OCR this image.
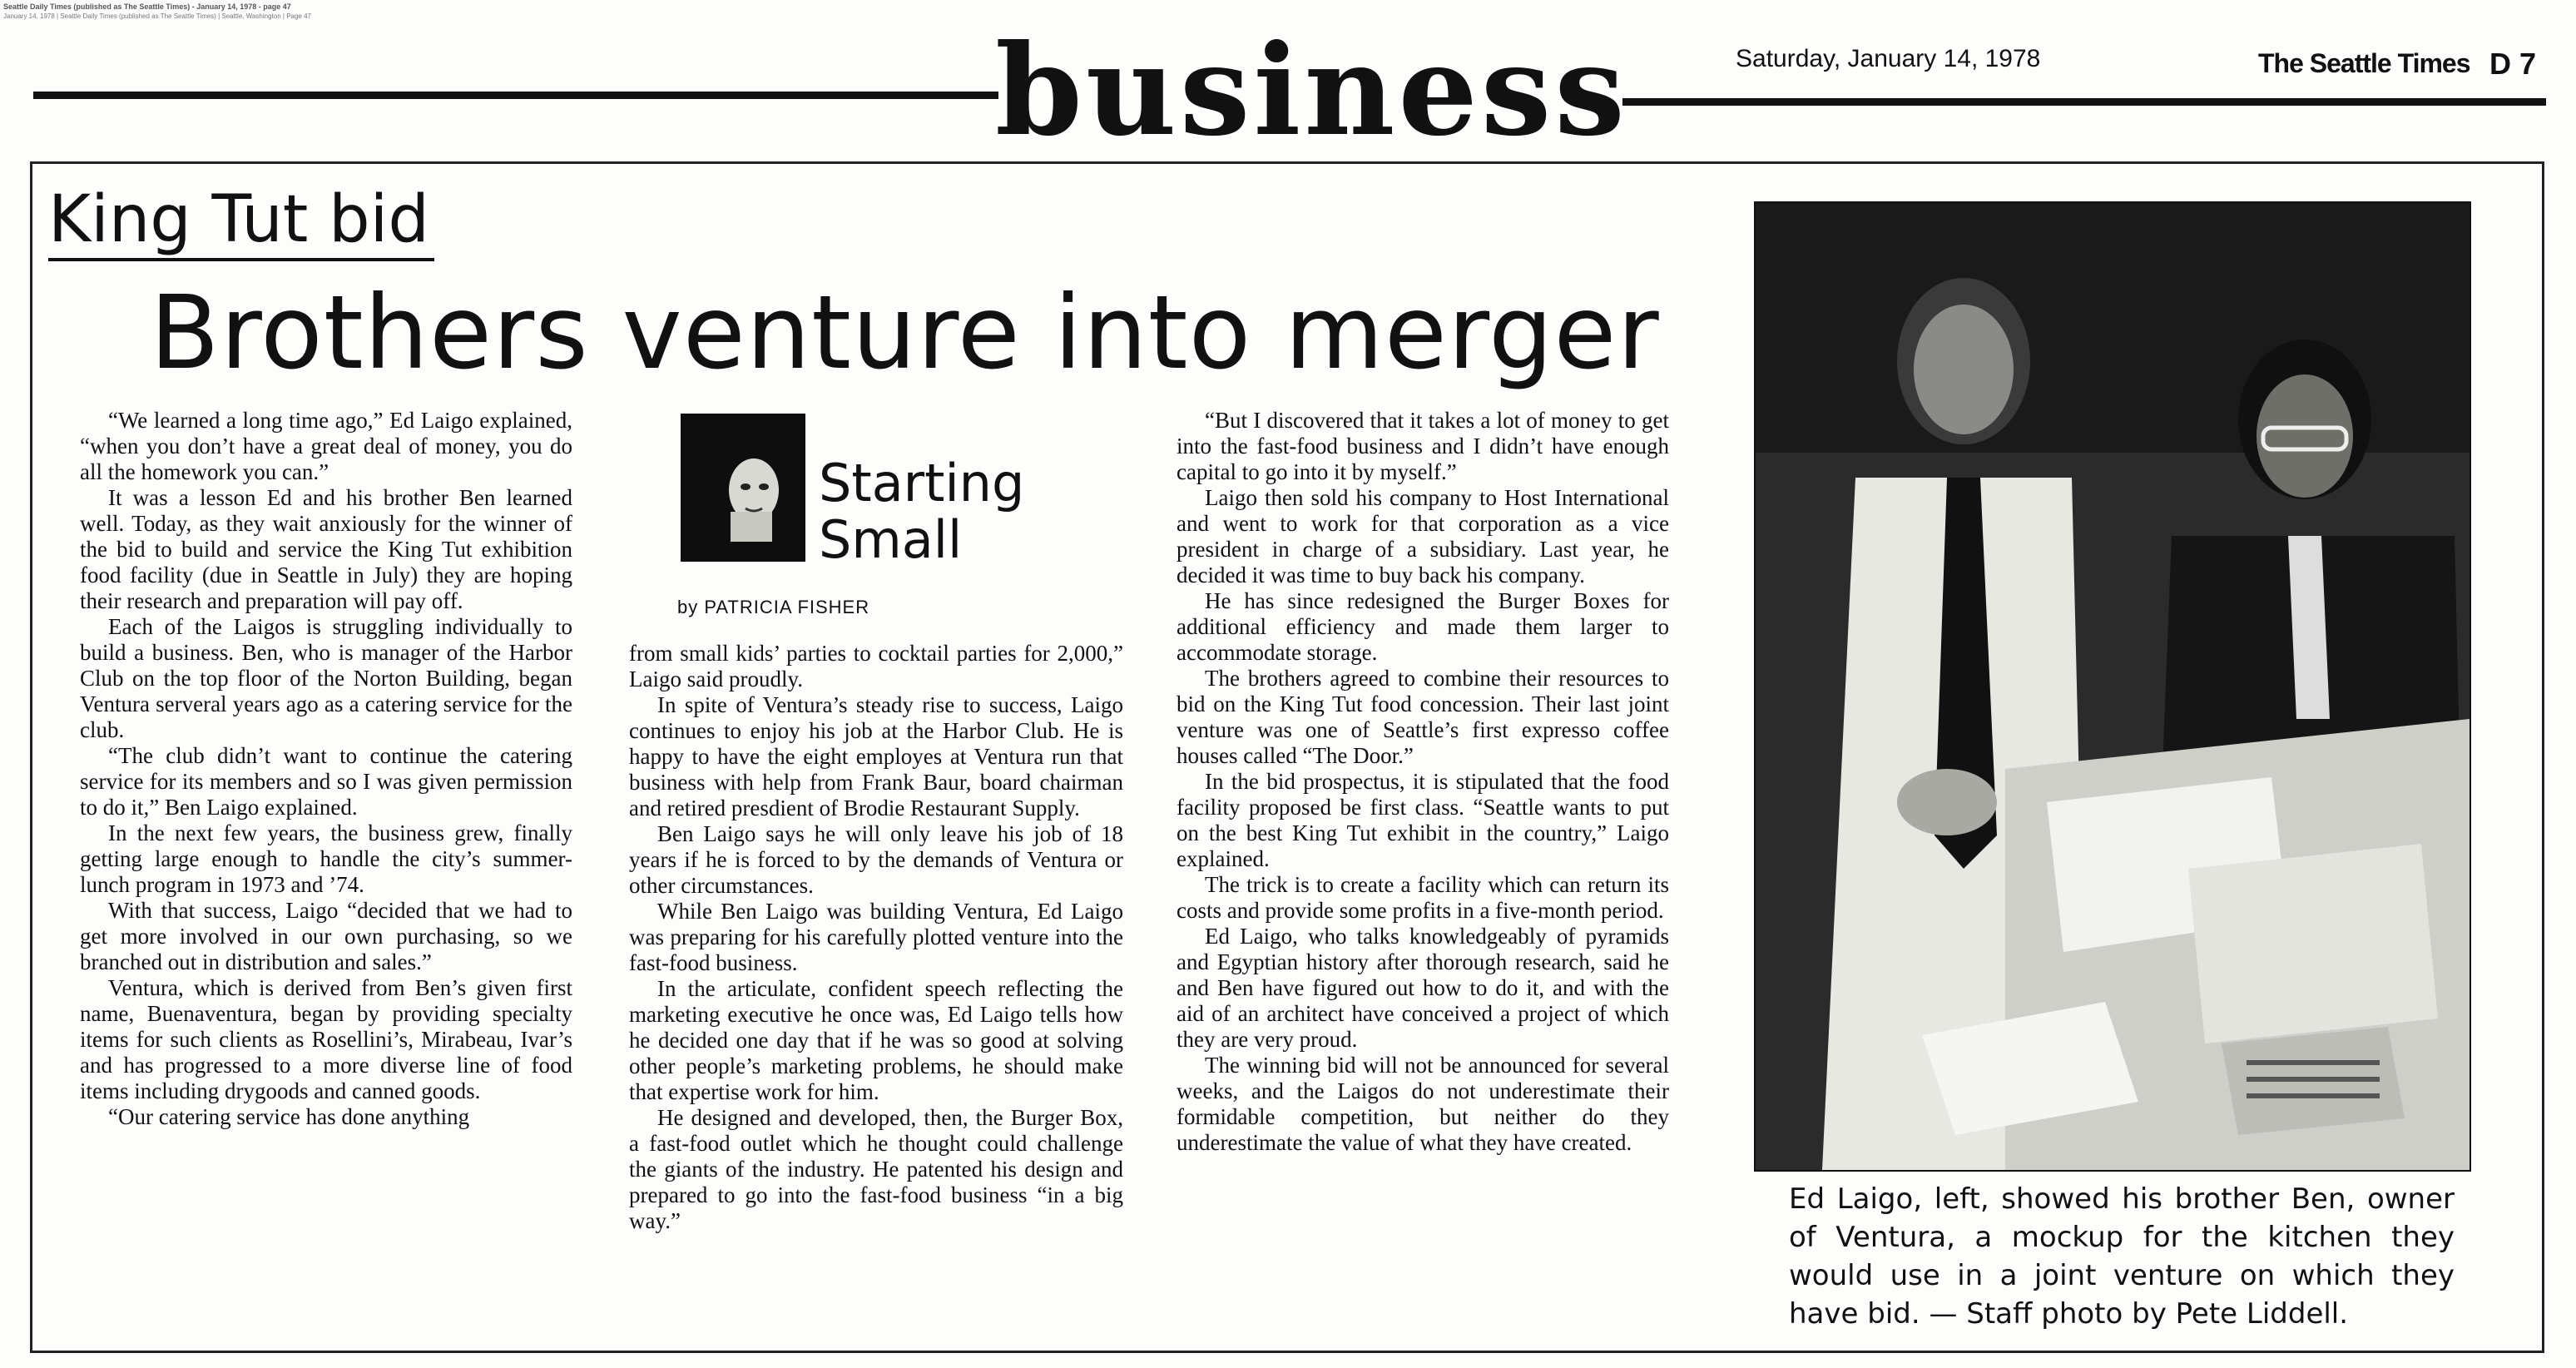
Seattle Daily Times (published as The Seattle Times) - January 14, 1978 - page 47
January 14, 1978 | Seattle Daily Times (published as The Seattle Times) | Seattle, Washington | Page 47
business	Saturday, January 14, 1978	The Seattle Times D 7
King Tut bid
Brothers venture into merger

“We learned a long time ago,” Ed Laigo explained, “when you don’t have a great deal of money, you do all the homework you can.”

It was a lesson Ed and his brother Ben learned well. Today, as they wait anxiously for the winner of the bid to build and service the King Tut exhibition food facility (due in Seattle in July) they are hoping their research and preparation will pay off.

Each of the Laigos is struggling individually to build a business. Ben, who is manager of the Harbor Club on the top floor of the Norton Building, began Ventura serveral years ago as a catering service for the club.

“The club didn’t want to continue the catering service for its members and so I was given permission to do it,” Ben Laigo explained.

In the next few years, the business grew, finally getting large enough to handle the city’s summer-lunch program in 1973 and ’74.

With that success, Laigo “decided that we had to get more involved in our own purchasing, so we branched out in distribution and sales.”

Ventura, which is derived from Ben’s given first name, Buenaventura, began by providing specialty items for such clients as Rosellini’s, Mirabeau, Ivar’s and has progressed to a more diverse line of food items including drygoods and canned goods.

“Our catering service has done anything

Starting
Small
by PATRICIA FISHER

from small kids’ parties to cocktail parties for 2,000,” Laigo said proudly.

In spite of Ventura’s steady rise to success, Laigo continues to enjoy his job at the Harbor Club. He is happy to have the eight employes at Ventura run that business with help from Frank Baur, board chairman and retired presdient of Brodie Restaurant Supply.

Ben Laigo says he will only leave his job of 18 years if he is forced to by the demands of Ventura or other circumstances.

While Ben Laigo was building Ventura, Ed Laigo was preparing for his carefully plotted venture into the fast-food business.

In the articulate, confident speech reflecting the marketing executive he once was, Ed Laigo tells how he decided one day that if he was so good at solving other people’s marketing problems, he should make that expertise work for him.

He designed and developed, then, the Burger Box, a fast-food outlet which he thought could challenge the giants of the industry. He patented his design and prepared to go into the fast-food business “in a big way.”

“But I discovered that it takes a lot of money to get into the fast-food business and I didn’t have enough capital to go into it by myself.”

Laigo then sold his company to Host International and went to work for that corporation as a vice president in charge of a subsidiary. Last year, he decided it was time to buy back his company.

He has since redesigned the Burger Boxes for additional efficiency and made them larger to accommodate storage.

The brothers agreed to combine their resources to bid on the King Tut food concession. Their last joint venture was one of Seattle’s first expresso coffee houses called “The Door.”

In the bid prospectus, it is stipulated that the food facility proposed be first class. “Seattle wants to put on the best King Tut exhibit in the country,” Laigo explained.

The trick is to create a facility which can return its costs and provide some profits in a five-month period.

Ed Laigo, who talks knowledgeably of pyramids and Egyptian history after thorough research, said he and Ben have figured out how to do it, and with the aid of an architect have conceived a project of which they are very proud.

The winning bid will not be announced for several weeks, and the Laigos do not underestimate their formidable competition, but neither do they underestimate the value of what they have created.

Ed Laigo, left, showed his brother Ben, owner of Ventura, a mockup for the kitchen they would use in a joint venture on which they have bid. — Staff photo by Pete Liddell.
